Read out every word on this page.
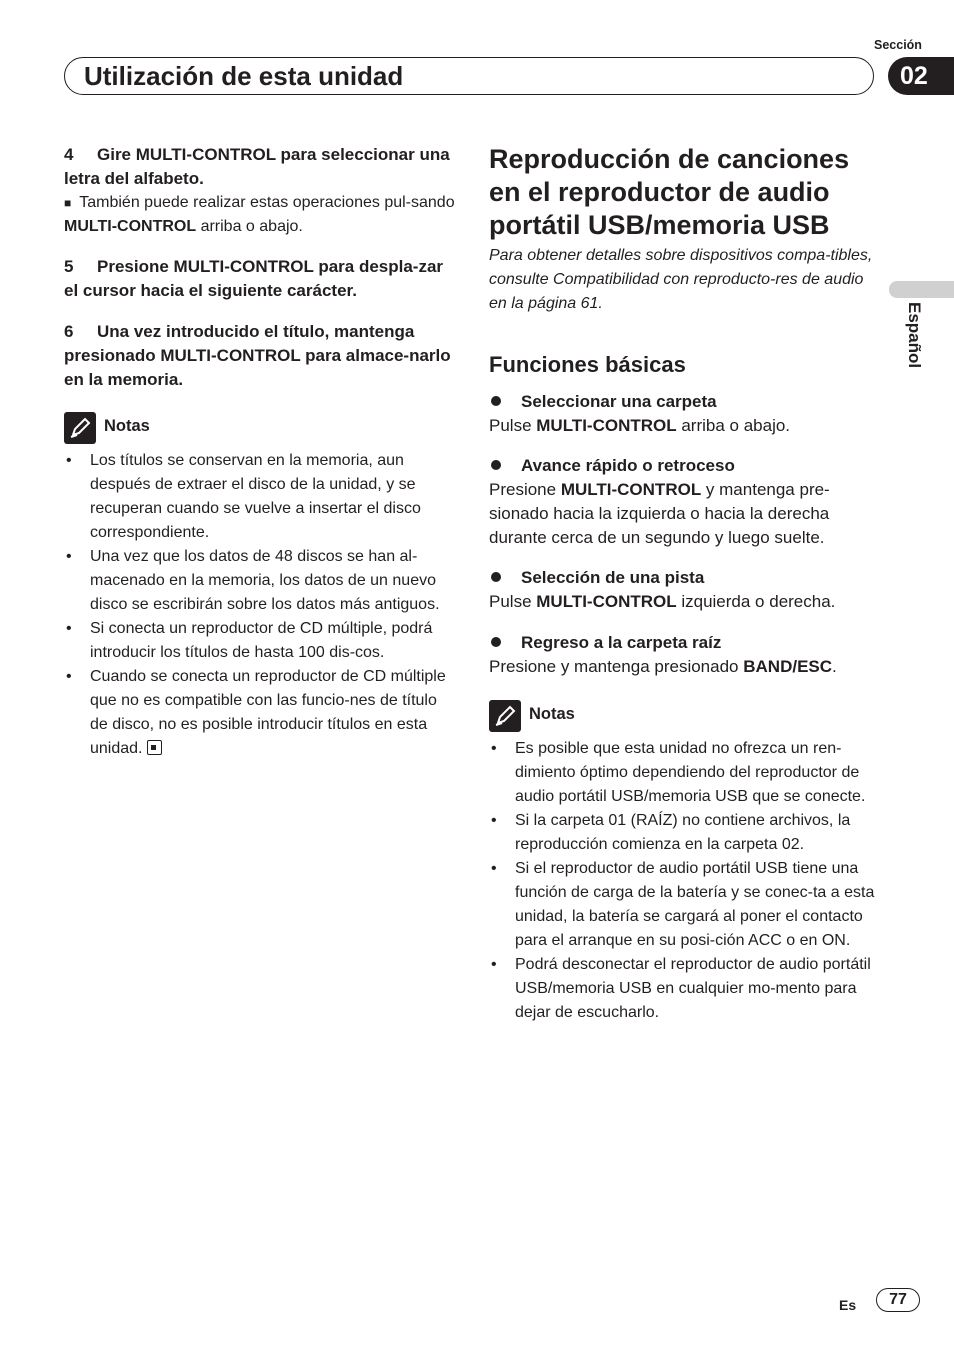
Sección
Utilización de esta unidad	02
Español
4 Gire MULTI-CONTROL para seleccionar una letra del alfabeto.
■ También puede realizar estas operaciones pul-sando MULTI-CONTROL arriba o abajo.
5 Presione MULTI-CONTROL para despla-zar el cursor hacia el siguiente carácter.
6 Una vez introducido el título, mantenga presionado MULTI-CONTROL para almace-narlo en la memoria.
Notas
• Los títulos se conservan en la memoria, aun después de extraer el disco de la unidad, y se recuperan cuando se vuelve a insertar el disco correspondiente.
• Una vez que los datos de 48 discos se han al-macenado en la memoria, los datos de un nuevo disco se escribirán sobre los datos más antiguos.
• Si conecta un reproductor de CD múltiple, podrá introducir los títulos de hasta 100 dis-cos.
• Cuando se conecta un reproductor de CD múltiple que no es compatible con las funcio-nes de título de disco, no es posible introducir títulos en esta unidad.
Reproducción de canciones en el reproductor de audio portátil USB/memoria USB
Para obtener detalles sobre dispositivos compa-tibles, consulte Compatibilidad con reproducto-res de audio en la página 61.
Funciones básicas
Seleccionar una carpeta
Pulse MULTI-CONTROL arriba o abajo.
Avance rápido o retroceso
Presione MULTI-CONTROL y mantenga pre-sionado hacia la izquierda o hacia la derecha durante cerca de un segundo y luego suelte.
Selección de una pista
Pulse MULTI-CONTROL izquierda o derecha.
Regreso a la carpeta raíz
Presione y mantenga presionado BAND/ESC.
Notas
• Es posible que esta unidad no ofrezca un ren-dimiento óptimo dependiendo del reproductor de audio portátil USB/memoria USB que se conecte.
• Si la carpeta 01 (RAÍZ) no contiene archivos, la reproducción comienza en la carpeta 02.
• Si el reproductor de audio portátil USB tiene una función de carga de la batería y se conec-ta a esta unidad, la batería se cargará al poner el contacto para el arranque en su posi-ción ACC o en ON.
• Podrá desconectar el reproductor de audio portátil USB/memoria USB en cualquier mo-mento para dejar de escucharlo.
Es	77
